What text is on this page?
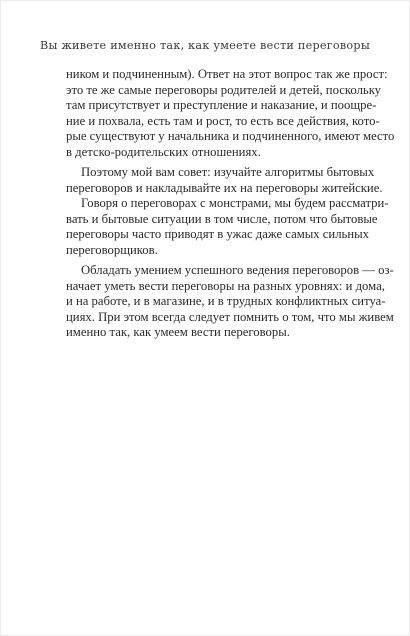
Вы живете именно так, как умеете вести переговоры
ником и подчиненным). Ответ на этот вопрос так же прост:
это те же самые переговоры родителей и детей, поскольку
там присутствует и преступление и наказание, и поощре-
ние и похвала, есть там и рост, то есть все действия, кото-
рые существуют у начальника и подчиненного, имеют место
в детско-родительских отношениях.
Поэтому мой вам совет: изучайте алгоритмы бытовых
переговоров и накладывайте их на переговоры житейские.
Говоря о переговорах с монстрами, мы будем рассматри-
вать и бытовые ситуации в том числе, потом что бытовые
переговоры часто приводят в ужас даже самых сильных
переговорщиков.
Обладать умением успешного ведения переговоров — оз-
начает уметь вести переговоры на разных уровнях: и дома,
и на работе, и в магазине, и в трудных конфликтных ситуа-
циях. При этом всегда следует помнить о том, что мы живем
именно так, как умеем вести переговоры.
